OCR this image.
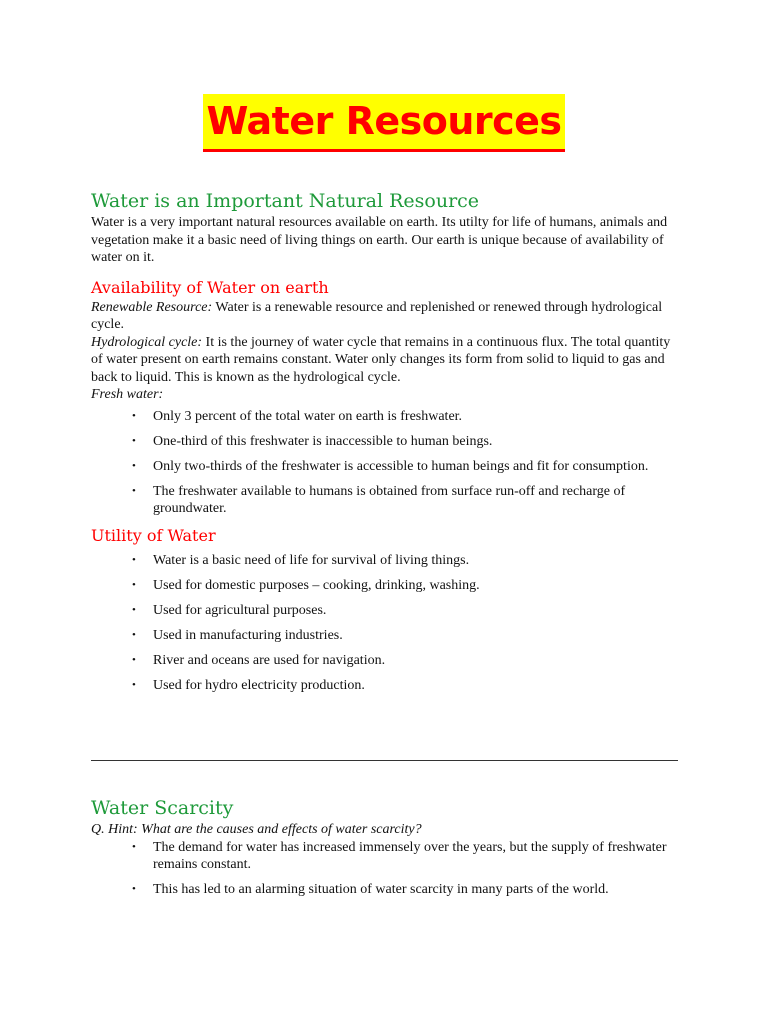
Water Resources
Water is an Important Natural Resource

Water is a very important natural resources available on earth. Its utilty for life of humans, animals and vegetation make it a basic need of living things on earth. Our earth is unique because of availability of water on it.

Availability of Water on earth

Renewable Resource: Water is a renewable resource and replenished or renewed through hydrological cycle.

Hydrological cycle: It is the journey of water cycle that remains in a continuous flux. The total quantity of water present on earth remains constant. Water only changes its form from solid to liquid to gas and back to liquid. This is known as the hydrological cycle.

Fresh water:

• Only 3 percent of the total water on earth is freshwater.
• One-third of this freshwater is inaccessible to human beings.
• Only two-thirds of the freshwater is accessible to human beings and fit for consumption.
• The freshwater available to humans is obtained from surface run-off and recharge of groundwater.
Utility of Water
• Water is a basic need of life for survival of living things.
• Used for domestic purposes – cooking, drinking, washing.
• Used for agricultural purposes.
• Used in manufacturing industries.
• River and oceans are used for navigation.
• Used for hydro electricity production.
Water Scarcity

Q. Hint: What are the causes and effects of water scarcity?

• The demand for water has increased immensely over the years, but the supply of freshwater remains constant.
• This has led to an alarming situation of water scarcity in many parts of the world.
